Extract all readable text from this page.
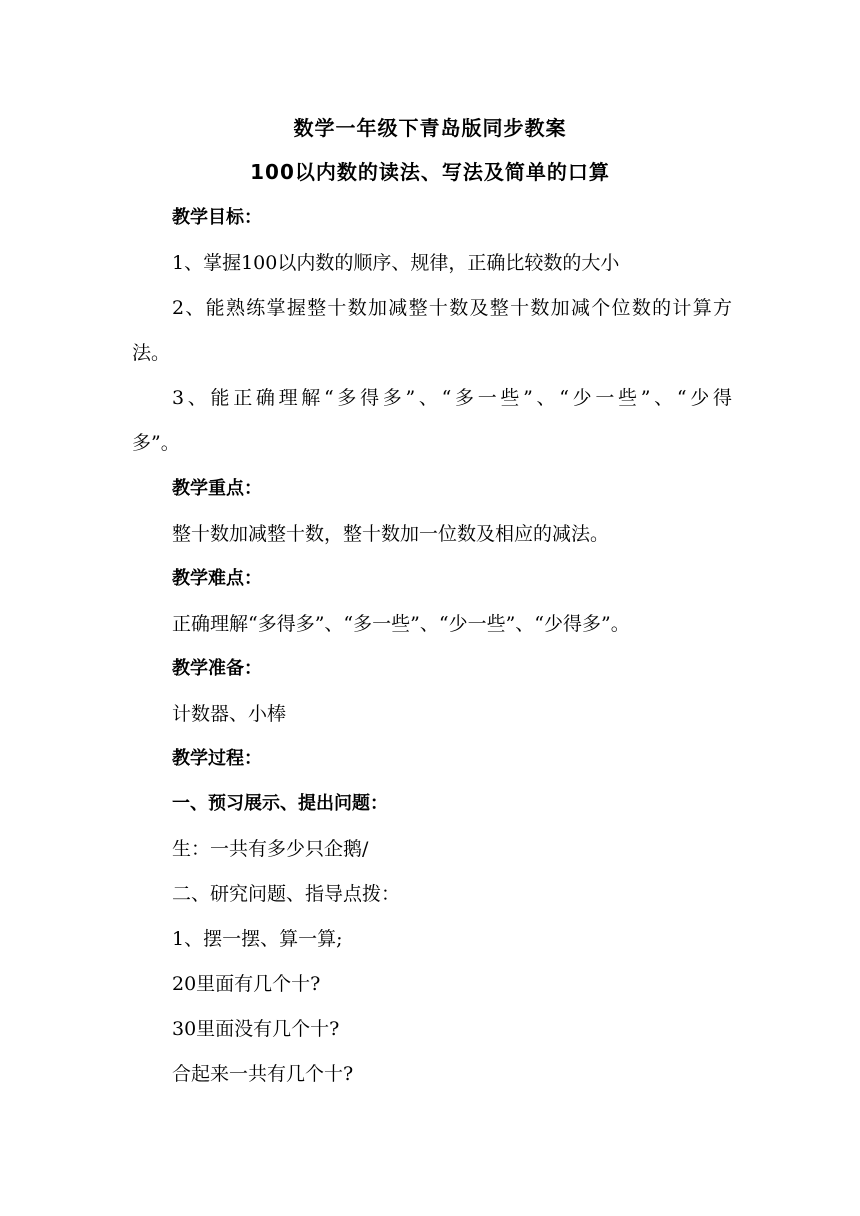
数学一年级下青岛版同步教案
100以内数的读法、写法及简单的口算
教学目标：
1、掌握100以内数的顺序、规律，正确比较数的大小
2、能熟练掌握整十数加减整十数及整十数加减个位数的计算方
法。
3、能正确理解“多得多”、“多一些”、“少一些”、“少得
多”。
教学重点：
整十数加减整十数，整十数加一位数及相应的减法。
教学难点：
正确理解“多得多”、“多一些”、“少一些”、“少得多”。
教学准备：
计数器、小棒
教学过程：
一、预习展示、提出问题：
生：一共有多少只企鹅/
二、研究问题、指导点拨：
1、摆一摆、算一算;
20里面有几个十?
30里面没有几个十?
合起来一共有几个十?
